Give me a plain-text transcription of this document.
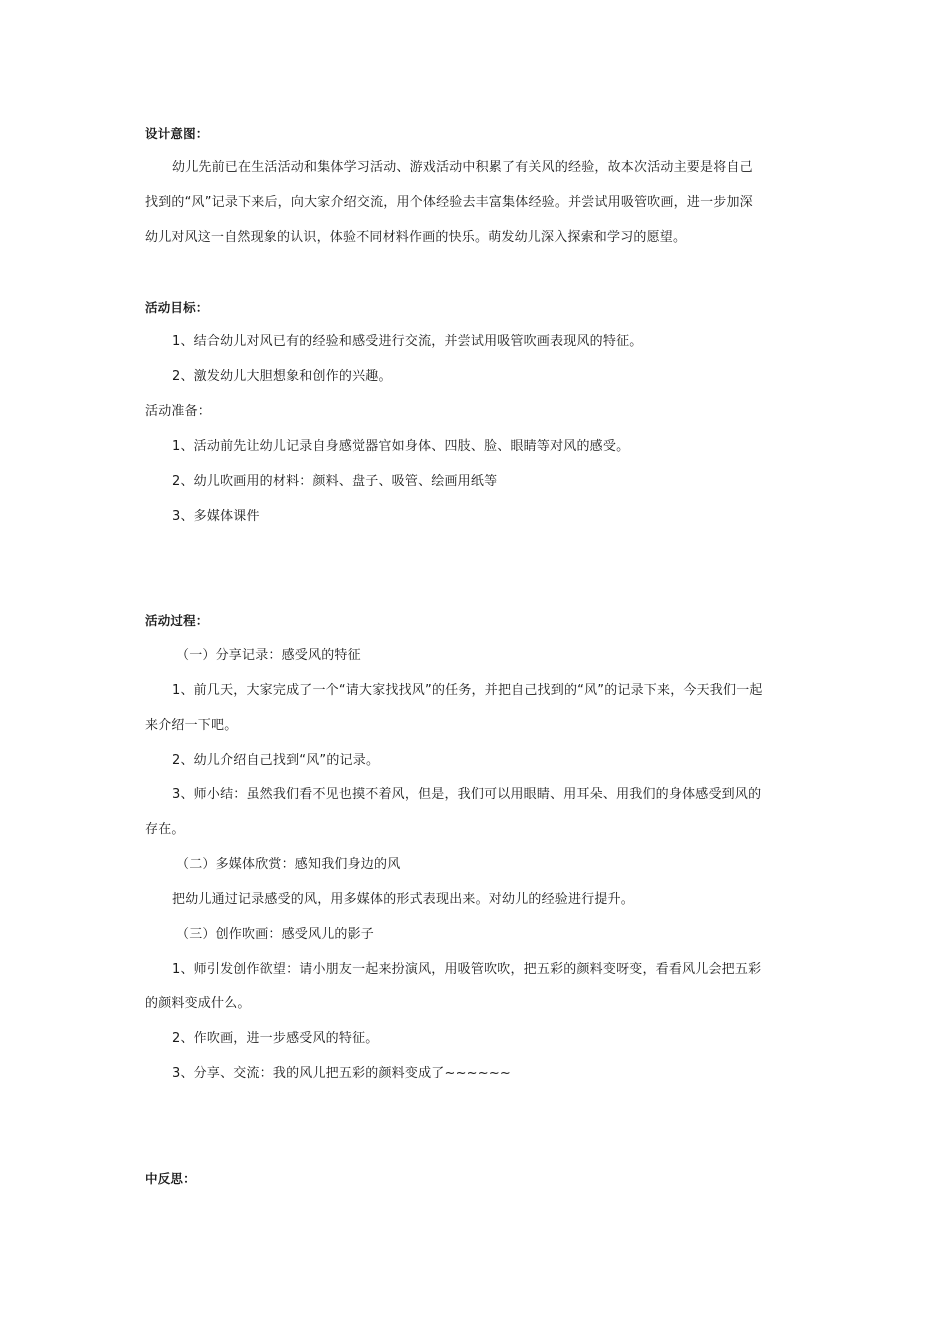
设计意图：
幼儿先前已在生活活动和集体学习活动、游戏活动中积累了有关风的经验，故本次活动主要是将自己
找到的“风”记录下来后，向大家介绍交流，用个体经验去丰富集体经验。并尝试用吸管吹画，进一步加深
幼儿对风这一自然现象的认识，体验不同材料作画的快乐。萌发幼儿深入探索和学习的愿望。
活动目标：
1、结合幼儿对风已有的经验和感受进行交流，并尝试用吸管吹画表现风的特征。
2、激发幼儿大胆想象和创作的兴趣。
活动准备：
1、活动前先让幼儿记录自身感觉器官如身体、四肢、脸、眼睛等对风的感受。
2、幼儿吹画用的材料：颜料、盘子、吸管、绘画用纸等
3、多媒体课件
活动过程：
（一）分享记录：感受风的特征
1、前几天，大家完成了一个“请大家找找风”的任务，并把自己找到的“风”的记录下来，今天我们一起
来介绍一下吧。
2、幼儿介绍自己找到“风”的记录。
3、师小结：虽然我们看不见也摸不着风，但是，我们可以用眼睛、用耳朵、用我们的身体感受到风的
存在。
（二）多媒体欣赏：感知我们身边的风
把幼儿通过记录感受的风，用多媒体的形式表现出来。对幼儿的经验进行提升。
（三）创作吹画：感受风儿的影子
1、师引发创作欲望：请小朋友一起来扮演风，用吸管吹吹，把五彩的颜料变呀变，看看风儿会把五彩
的颜料变成什么。
2、作吹画，进一步感受风的特征。
3、分享、交流：我的风儿把五彩的颜料变成了~~~~~~
中反思：
